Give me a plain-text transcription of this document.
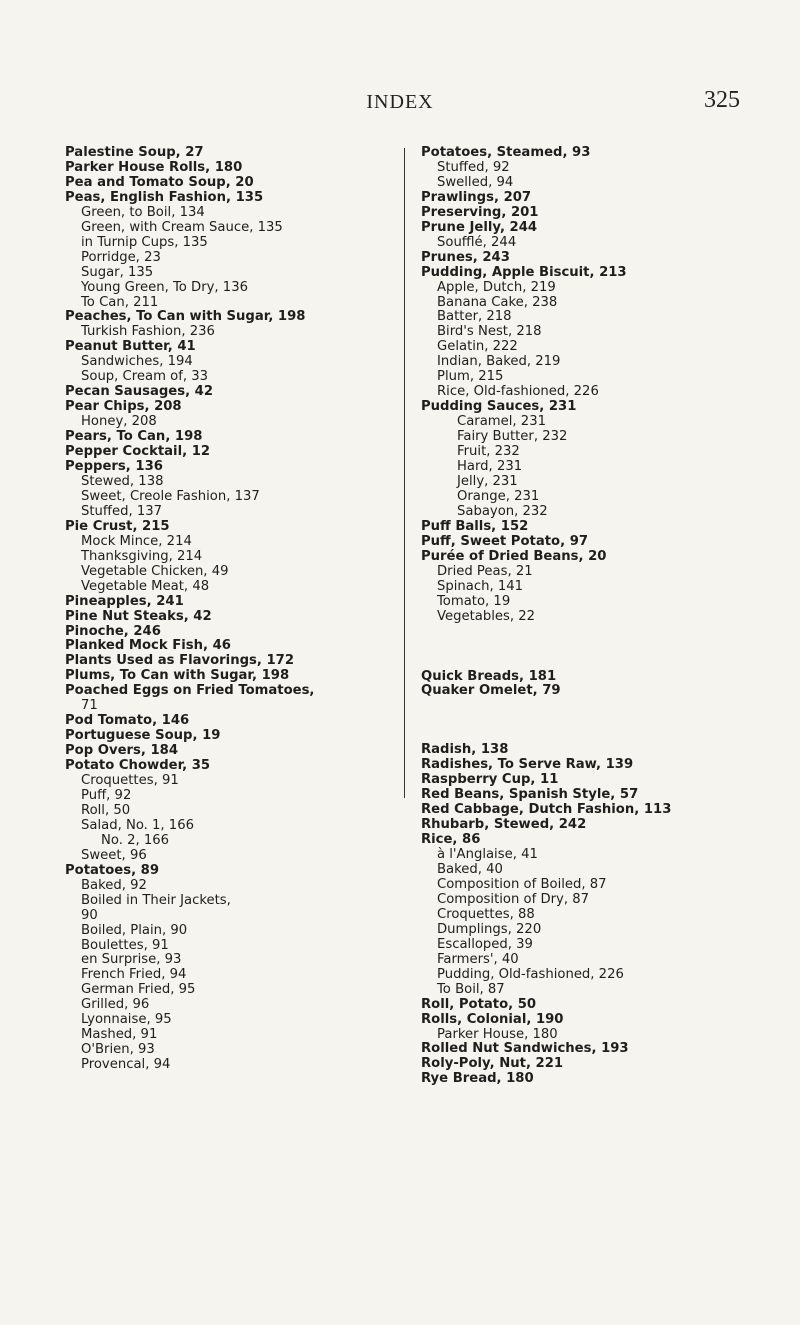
INDEX	325
Palestine Soup, 27
Parker House Rolls, 180
Pea and Tomato Soup, 20
Peas, English Fashion, 135
Green, to Boil, 134
Green, with Cream Sauce, 135
in Turnip Cups, 135
Porridge, 23
Sugar, 135
Young Green, To Dry, 136
To Can, 211
Peaches, To Can with Sugar, 198
Turkish Fashion, 236
Peanut Butter, 41
Sandwiches, 194
Soup, Cream of, 33
Pecan Sausages, 42
Pear Chips, 208
Honey, 208
Pears, To Can, 198
Pepper Cocktail, 12
Peppers, 136
Stewed, 138
Sweet, Creole Fashion, 137
Stuffed, 137
Pie Crust, 215
Mock Mince, 214
Thanksgiving, 214
Vegetable Chicken, 49
Vegetable Meat, 48
Pineapples, 241
Pine Nut Steaks, 42
Pinoche, 246
Planked Mock Fish, 46
Plants Used as Flavorings, 172
Plums, To Can with Sugar, 198
Poached Eggs on Fried Tomatoes,
71
Pod Tomato, 146
Portuguese Soup, 19
Pop Overs, 184
Potato Chowder, 35
Croquettes, 91
Puff, 92
Roll, 50
Salad, No. 1, 166
No. 2, 166
Sweet, 96
Potatoes, 89
Baked, 92
Boiled in Their Jackets,
90
Boiled, Plain, 90
Boulettes, 91
en Surprise, 93
French Fried, 94
German Fried, 95
Grilled, 96
Lyonnaise, 95
Mashed, 91
O'Brien, 93
Provencal, 94
Potatoes, Steamed, 93
Stuffed, 92
Swelled, 94
Prawlings, 207
Preserving, 201
Prune Jelly, 244
Soufflé, 244
Prunes, 243
Pudding, Apple Biscuit, 213
Apple, Dutch, 219
Banana Cake, 238
Batter, 218
Bird's Nest, 218
Gelatin, 222
Indian, Baked, 219
Plum, 215
Rice, Old-fashioned, 226
Pudding Sauces, 231
Caramel, 231
Fairy Butter, 232
Fruit, 232
Hard, 231
Jelly, 231
Orange, 231
Sabayon, 232
Puff Balls, 152
Puff, Sweet Potato, 97
Purée of Dried Beans, 20
Dried Peas, 21
Spinach, 141
Tomato, 19
Vegetables, 22
Quick Breads, 181
Quaker Omelet, 79
Radish, 138
Radishes, To Serve Raw, 139
Raspberry Cup, 11
Red Beans, Spanish Style, 57
Red Cabbage, Dutch Fashion, 113
Rhubarb, Stewed, 242
Rice, 86
à l'Anglaise, 41
Baked, 40
Composition of Boiled, 87
Composition of Dry, 87
Croquettes, 88
Dumplings, 220
Escalloped, 39
Farmers', 40
Pudding, Old-fashioned, 226
To Boil, 87
Roll, Potato, 50
Rolls, Colonial, 190
Parker House, 180
Rolled Nut Sandwiches, 193
Roly-Poly, Nut, 221
Rye Bread, 180
